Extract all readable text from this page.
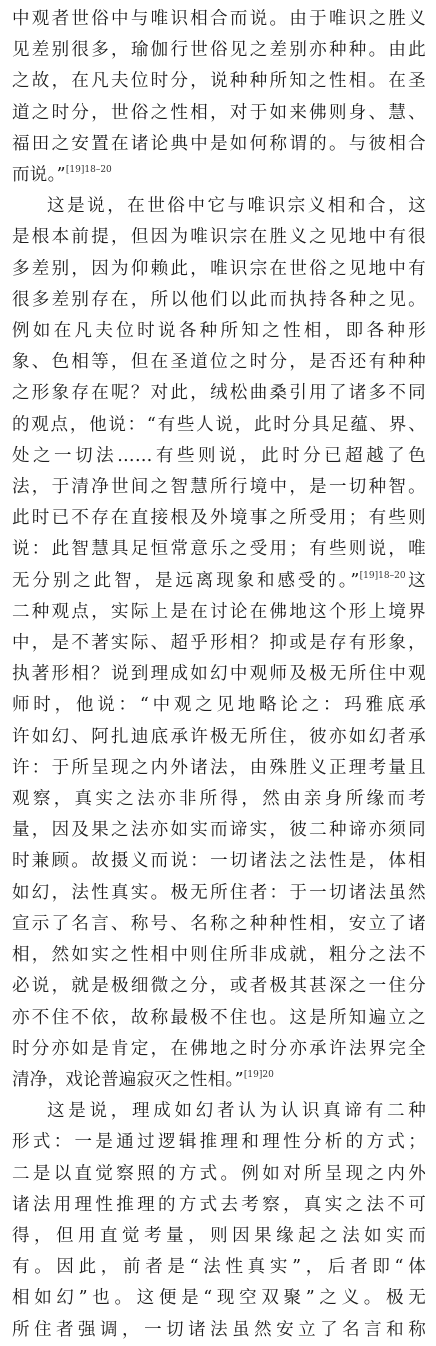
中观者世俗中与唯识相合而说。由于唯识之胜义
见差别很多，瑜伽行世俗见之差别亦种种。由此
之故，在凡夫位时分，说种种所知之性相。在圣
道之时分，世俗之性相，对于如来佛则身、慧、
福田之安置在诸论典中是如何称谓的。与彼相合
而说。”$^{[19]18-20}$

这是说，在世俗中它与唯识宗义相和合，这
是根本前提，但因为唯识宗在胜义之见地中有很
多差别，因为仰赖此，唯识宗在世俗之见地中有
很多差别存在，所以他们以此而执持各种之见。
例如在凡夫位时说各种所知之性相，即各种形
象、色相等，但在圣道位之时分，是否还有种种
之形象存在呢？对此，绒松曲桑引用了诸多不同
的观点，他说：“有些人说，此时分具足蕴、界、
处之一切法……有些则说，此时分已超越了色
法，于清净世间之智慧所行境中，是一切种智。
此时已不存在直接根及外境事之所受用；有些则
说：此智慧具足恒常意乐之受用；有些则说，唯
无分别之此智，是远离现象和感受的。”$^{[19]18-20}$这
二种观点，实际上是在讨论在佛地这个形上境界
中，是不著实际、超乎形相？抑或是存有形象，
执著形相？说到理成如幻中观师及极无所住中观
师时，他说：“中观之见地略论之：玛雅底承
许如幻、阿扎迪底承许极无所住，彼亦如幻者承
许：于所呈现之内外诸法，由殊胜义正理考量且
观察，真实之法亦非所得，然由亲身所缘而考
量，因及果之法亦如实而谛实，彼二种谛亦须同
时兼顾。故摄义而说：一切诸法之法性是，体相
如幻，法性真实。极无所住者：于一切诸法虽然
宣示了名言、称号、名称之种种性相，安立了诸
相，然如实之性相中则住所非成就，粗分之法不
必说，就是极细微之分，或者极其甚深之一住分
亦不住不依，故称最极不住也。这是所知遍立之
时分亦如是肯定，在佛地之时分亦承许法界完全
清净，戏论普遍寂灭之性相。”$^{[19]20}$

这是说，理成如幻者认为认识真谛有二种
形式：一是通过逻辑推理和理性分析的方式；
二是以直觉察照的方式。例如对所呈现之内外
诸法用理性推理的方式去考察，真实之法不可
得，但用直觉考量，则因果缘起之法如实而
有。因此，前者是“法性真实”，后者即“体
相如幻”也。这便是“现空双聚”之义。极无
所住者强调，一切诸法虽然安立了名言和称
